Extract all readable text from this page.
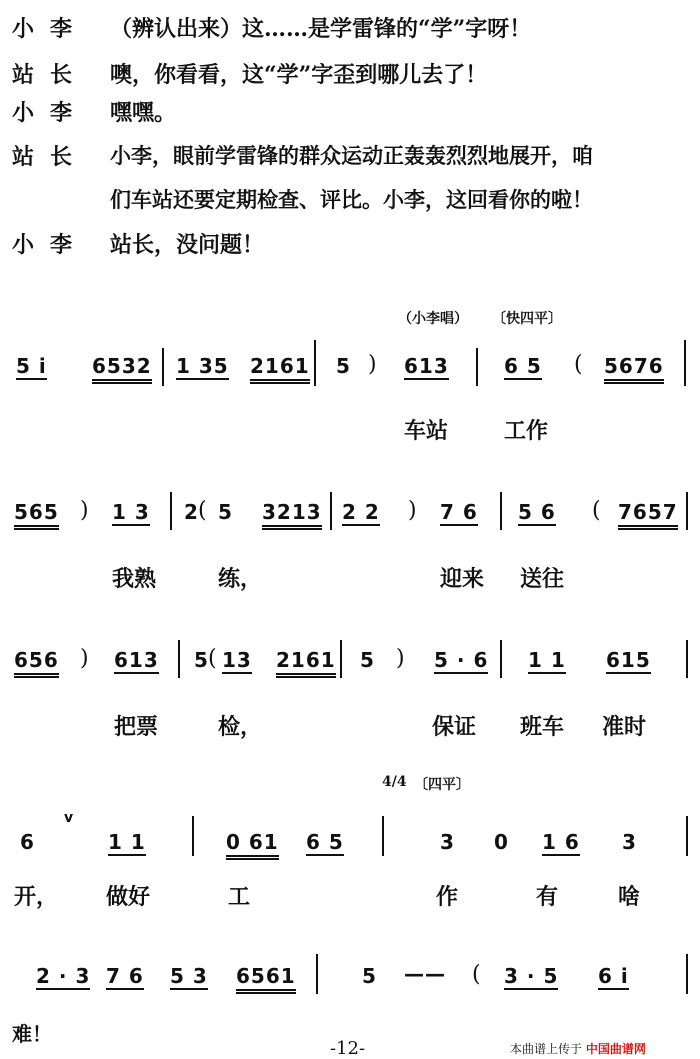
小李 （辨认出来）这……是学雷锋的“学”字呀！
站长 噢，你看看，这“学”字歪到哪儿去了！
小李 嘿嘿。
站长	小李，眼前学雷锋的群众运动正轰轰烈烈地展开，咱
们车站还要定期检查、评比。小李，这回看你的啦！
小李 站长，没问题！
（小李唱） 〔快四平〕
5 i 6532 1 35 2161 5 ) 613	6 5 ( 5676
车站	工作
565 ) 1 3 2 ( 5 3213 2 2 ) 7 6 5 6 ( 7657
我熟	练，	迎来 送往
656 ) 613 5 ( 13 2161 5 ) 5 · 6 1 1 615
把票	检，	保证 班车 准时
4/4 〔四平〕
6
v
1 1	0 61 6 5	3 0 1 6 3
开， 做好	工	作	有	啥
2 · 3 7 6 5 3 6561	5 —— ( 3 · 5 6 i
难！
-12-	本曲谱上传于 中国曲谱网
